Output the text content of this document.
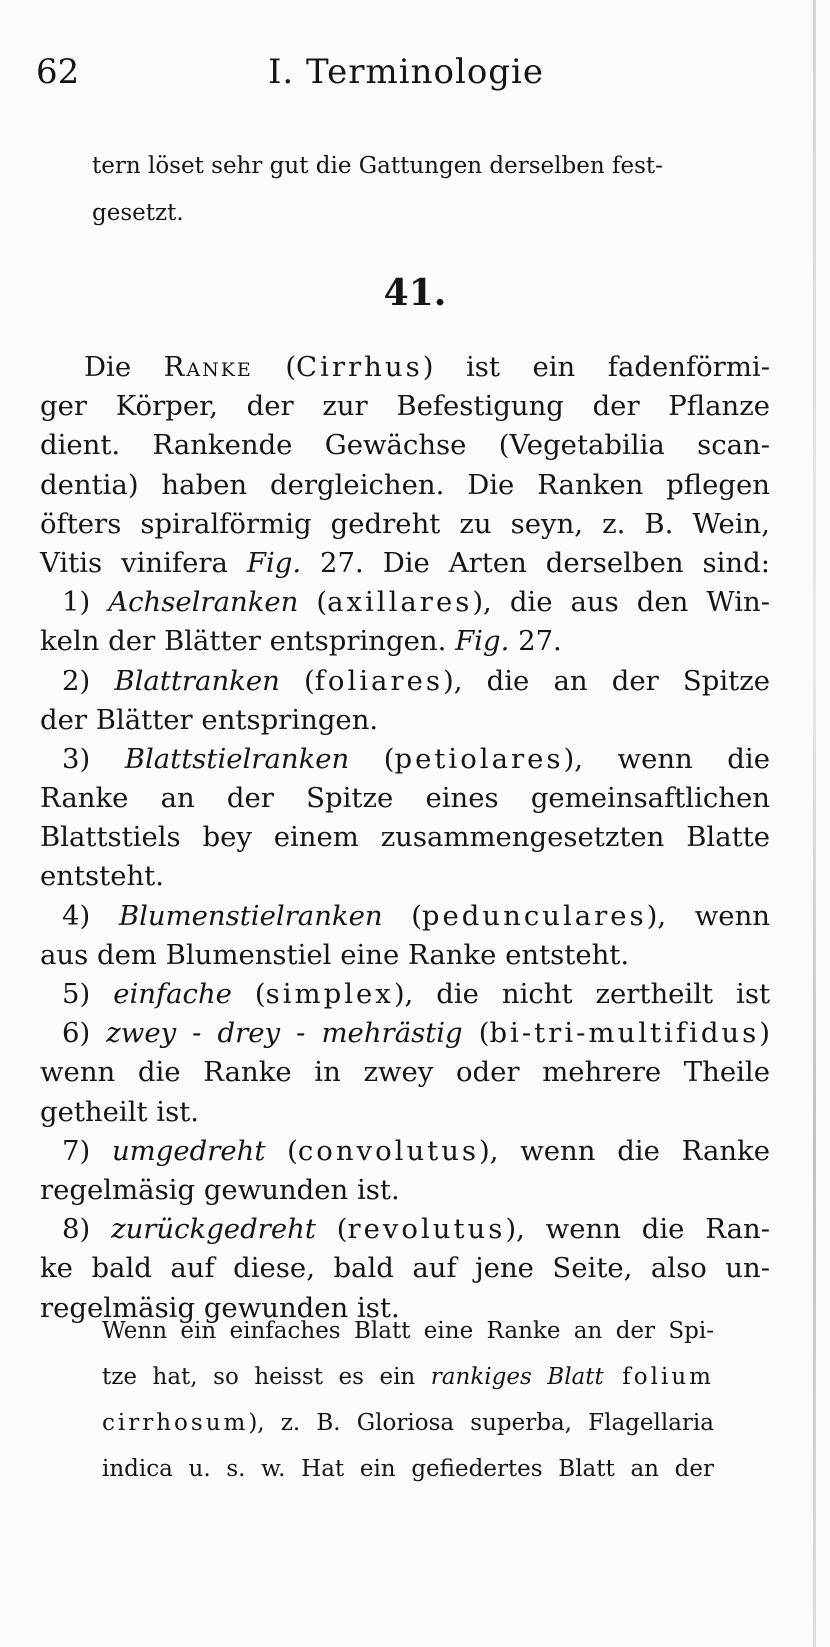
62	I. Terminologie

tern löset sehr gut die Gattungen derselben fest-

gesetzt.

41.
Die Ranke (Cirrhus) ist ein fadenförmi-
ger Körper, der zur Befestigung der Pflanze
dient. Rankende Gewächse (Vegetabilia scan-
dentia) haben dergleichen. Die Ranken pflegen
öfters spiralförmig gedreht zu seyn, z. B. Wein,
Vitis vinifera Fig. 27. Die Arten derselben sind:
1) Achselranken (axillares), die aus den Win-
keln der Blätter entspringen. Fig. 27.
2) Blattranken (foliares), die an der Spitze
der Blätter entspringen.
3) Blattstielranken (petiolares), wenn die
Ranke an der Spitze eines gemeinsaftlichen
Blattstiels bey einem zusammengesetzten Blatte
entsteht.
4) Blumenstielranken (pedunculares), wenn
aus dem Blumenstiel eine Ranke entsteht.
5) einfache (simplex), die nicht zertheilt ist
6) zwey - drey - mehrästig (bi-tri-multifidus)
wenn die Ranke in zwey oder mehrere Theile
getheilt ist.
7) umgedreht (convolutus), wenn die Ranke
regelmäsig gewunden ist.
8) zurückgedreht (revolutus), wenn die Ran-
ke bald auf diese, bald auf jene Seite, also un-
regelmäsig gewunden ist.
Wenn ein einfaches Blatt eine Ranke an der Spi-
tze hat, so heisst es ein rankiges Blatt folium
cirrhosum), z. B. Gloriosa superba, Flagellaria
indica u. s. w. Hat ein gefiedertes Blatt an der
